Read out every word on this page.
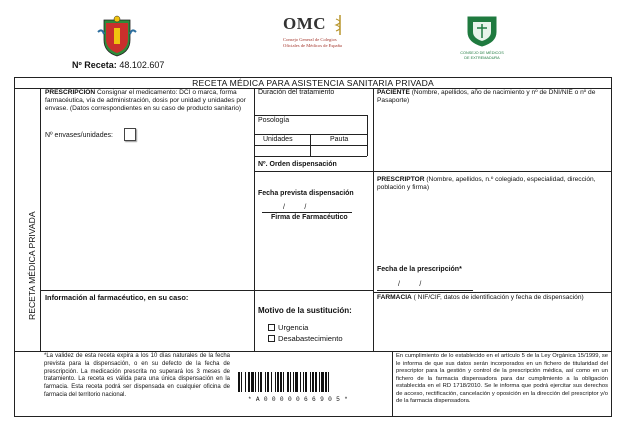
Nº Receta: 48.102.607
OMC
Consejo General de Colegios Oficiales de Médicos de España
CONSEJO DE MÉDICOS DE EXTREMADURA
RECETA MÉDICA PARA ASISTENCIA SANITARIA PRIVADA
RECETA MÉDICA PRIVADA
PRESCRIPCIÓN Consignar el medicamento: DCI o marca, forma farmacéutica, vía de administración, dosis por unidad y unidades por envase. (Datos correspondientes en su caso de producto sanitario)
Nº envases/unidades:
Duración del tratamiento
Posología
Unidades	Pauta
Nº. Orden dispensación
Fecha prevista dispensación
/          /
Firma de Farmacéutico
PACIENTE (Nombre, apellidos, año de nacimiento y nº de DNI/NIE o nº de Pasaporte)
PRESCRIPTOR (Nombre, apellidos, n.º colegiado, especialidad, dirección, población y firma)
Fecha de la prescripción*
/          /
Información al farmacéutico, en su caso:
Motivo de la sustitución:
Urgencia
Desabastecimiento
FARMACIA ( NIF/CIF, datos de identificación y fecha de dispensación)
*La validez de esta receta expira a los 10 días naturales de la fecha prevista para la dispensación, o en su defecto de la fecha de prescripción. La medicación prescrita no superará los 3 meses de tratamiento. La receta es válida para una única dispensación en la farmacia. Esta receta podrá ser dispensada en cualquier oficina de farmacia del territorio nacional.
* A 0 0 0 0 0 6 6 9 0 5 *
En cumplimiento de lo establecido en el artículo 5 de la Ley Orgánica 15/1999, se le informa de que sus datos serán incorporados en un fichero de titularidad del prescriptor para la gestión y control de la prescripción médica, así como en un fichero de la farmacia dispensadora para dar cumplimiento a la obligación establecida en el RD 1718/2010. Se le informa que podrá ejercitar sus derechos de acceso, rectificación, cancelación y oposición en la dirección del prescriptor y/o de la farmacia dispensadora.
